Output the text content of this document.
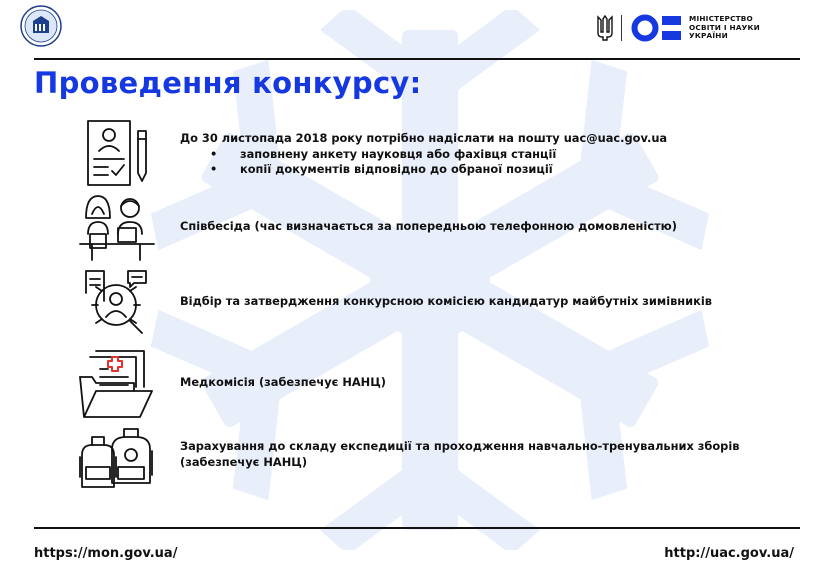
МІНІСТЕРСТВО
ОСВІТИ І НАУКИ
УКРАЇНИ
Проведення конкурсу:
До 30 листопада 2018 року потрібно надіслати на пошту uac@uac.gov.ua
• заповнену анкету науковця або фахівця станції
• копії документів відповідно до обраної позиції
Співбесіда (час визначається за попередньою телефонною домовленістю)
Відбір та затвердження конкурсною комісією кандидатур майбутніх зимівників
Медкомісія (забезпечує НАНЦ)
Зарахування до складу експедиції та проходження навчально-тренувальних зборів (забезпечує НАНЦ)
https://mon.gov.ua/	http://uac.gov.ua/
